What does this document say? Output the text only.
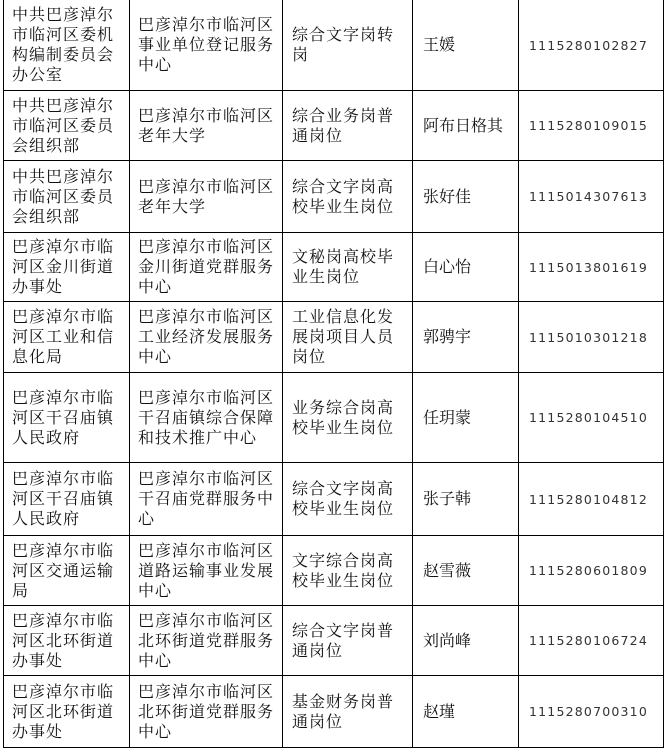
中共巴彦淖尔市临河区委机构编制委员会办公室	巴彦淖尔市临河区事业单位登记服务中心	综合文字岗转岗	王媛	1115280102827
中共巴彦淖尔市临河区委员会组织部	巴彦淖尔市临河区老年大学	综合业务岗普通岗位	阿布日格其	1115280109015
中共巴彦淖尔市临河区委员会组织部	巴彦淖尔市临河区老年大学	综合文字岗高校毕业生岗位	张好佳	1115014307613
巴彦淖尔市临河区金川街道办事处	巴彦淖尔市临河区金川街道党群服务中心	文秘岗高校毕业生岗位	白心怡	1115013801619
巴彦淖尔市临河区工业和信息化局	巴彦淖尔市临河区工业经济发展服务中心	工业信息化发展岗项目人员岗位	郭骋宇	1115010301218
巴彦淖尔市临河区干召庙镇人民政府	巴彦淖尔市临河区干召庙镇综合保障和技术推广中心	业务综合岗高校毕业生岗位	任玥蒙	1115280104510
巴彦淖尔市临河区干召庙镇人民政府	巴彦淖尔市临河区干召庙党群服务中心	综合文字岗高校毕业生岗位	张子韩	1115280104812
巴彦淖尔市临河区交通运输局	巴彦淖尔市临河区道路运输事业发展中心	文字综合岗高校毕业生岗位	赵雪薇	1115280601809
巴彦淖尔市临河区北环街道办事处	巴彦淖尔市临河区北环街道党群服务中心	综合文字岗普通岗位	刘尚峰	1115280106724
巴彦淖尔市临河区北环街道办事处	巴彦淖尔市临河区北环街道党群服务中心	基金财务岗普通岗位	赵瑾	1115280700310
